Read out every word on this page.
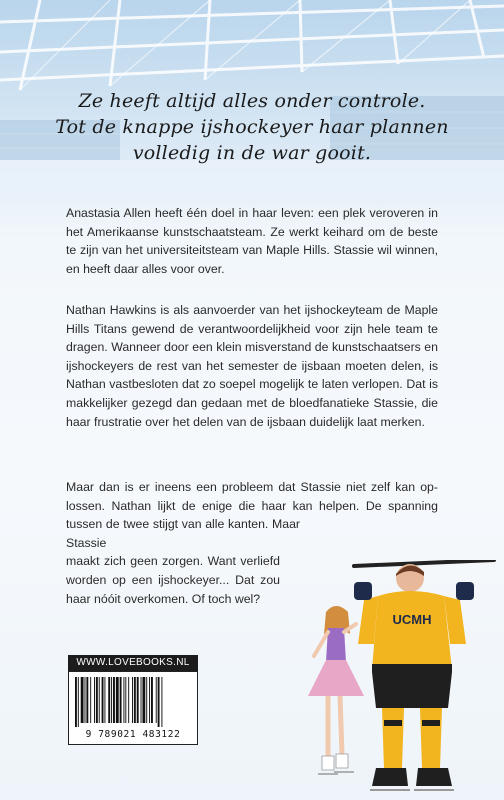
Ze heeft altijd alles onder controle.

Tot de knappe ijshockeyer haar plannen

volledig in de war gooit.

Anastasia Allen heeft één doel in haar leven: een plek veroveren in het Amerikaanse kunstschaatsteam. Ze werkt keihard om de beste te zijn van het universiteitsteam van Maple Hills. Stassie wil winnen, en heeft daar alles voor over.

Nathan Hawkins is als aanvoerder van het ijshockeyteam de Maple Hills Titans gewend de verantwoordelijkheid voor zijn hele team te dragen. Wanneer door een klein misverstand de kunstschaatsers en ijshockeyers de rest van het semester de ijsbaan moeten delen, is Nathan vastbesloten dat zo soepel mogelijk te laten verlopen. Dat is makkelijker gezegd dan gedaan met de bloedfanatieke Stassie, die haar frustratie over het delen van de ijsbaan duidelijk laat merken.

Maar dan is er ineens een probleem dat Stassie niet zelf kan op-
lossen. Nathan lijkt de enige die haar kan helpen. De spanning
tussen de twee stijgt van alle kanten. Maar Stassie
maakt zich geen zorgen. Want verliefd
worden op een ijshockeyer... Dat zou
haar nóóit overkomen. Of toch wel?
UCMH
WWW.LOVEBOOKS.NL
9 789021 483122
